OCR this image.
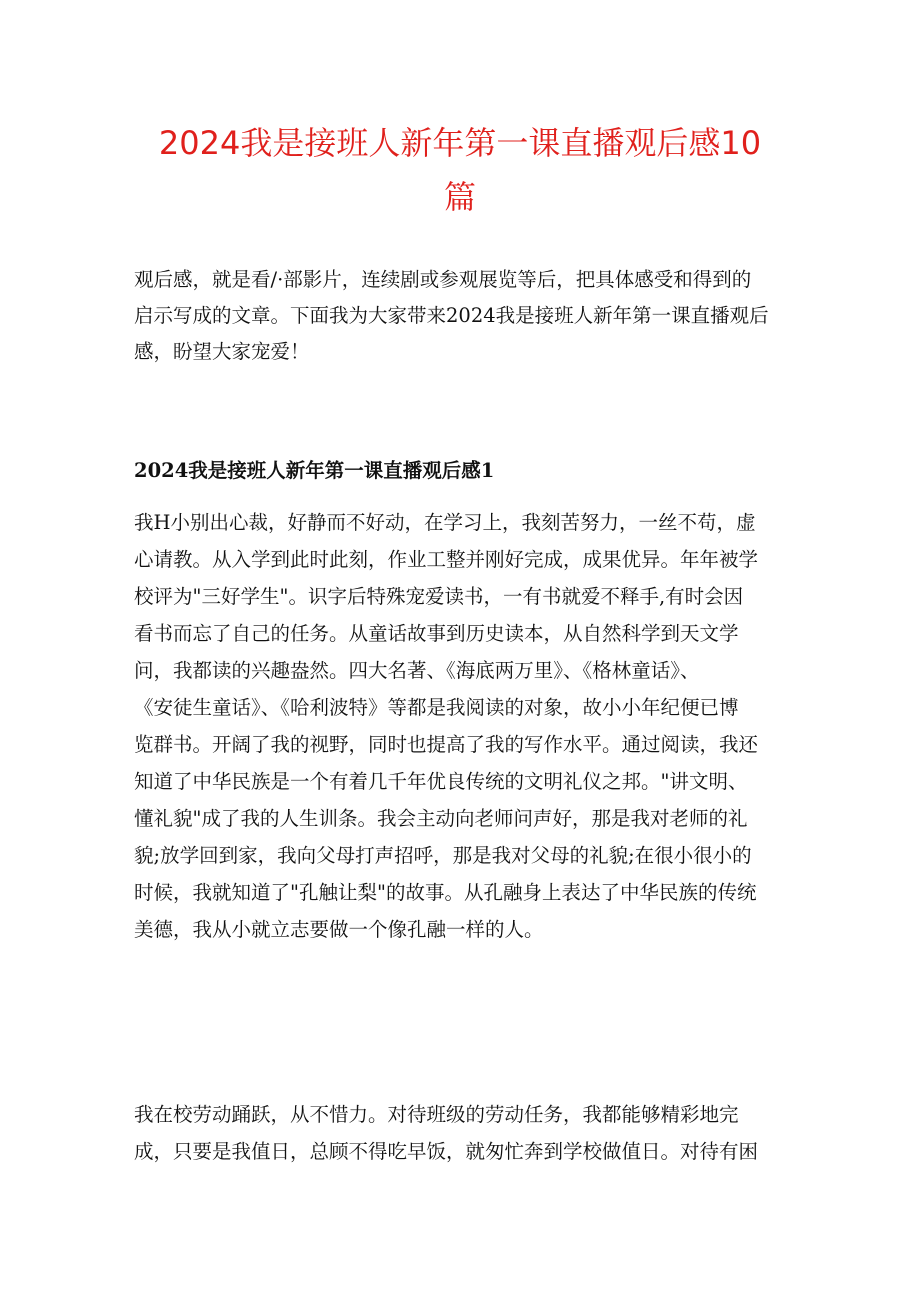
2024我是接班人新年第一课直播观后感10
篇

观后感，就是看/·部影片，连续剧或参观展览等后，把具体感受和得到的
启示写成的文章。下面我为大家带来2024我是接班人新年第一课直播观后
感，盼望大家宠爱！

2024我是接班人新年第一课直播观后感1

我H小别出心裁，好静而不好动，在学习上，我刻苦努力，一丝不苟，虚
心请教。从入学到此时此刻，作业工整并刚好完成，成果优异。年年被学
校评为"三好学生"。识字后特殊宠爱读书，一有书就爱不释手,有时会因
看书而忘了自己的任务。从童话故事到历史读本，从自然科学到天文学
问，我都读的兴趣盎然。四大名著、《海底两万里》、《格林童话》、
《安徒生童话》、《哈利波特》等都是我阅读的对象，故小小年纪便已博
览群书。开阔了我的视野，同时也提高了我的写作水平。通过阅读，我还
知道了中华民族是一个有着几千年优良传统的文明礼仪之邦。"讲文明、
懂礼貌"成了我的人生训条。我会主动向老师问声好，那是我对老师的礼
貌;放学回到家，我向父母打声招呼，那是我对父母的礼貌;在很小很小的
时候，我就知道了"孔触让梨"的故事。从孔融身上表达了中华民族的传统
美德，我从小就立志要做一个像孔融一样的人。

我在校劳动踊跃，从不惜力。对待班级的劳动任务，我都能够精彩地完
成，只要是我值日，总顾不得吃早饭，就匆忙奔到学校做值日。对待有困
